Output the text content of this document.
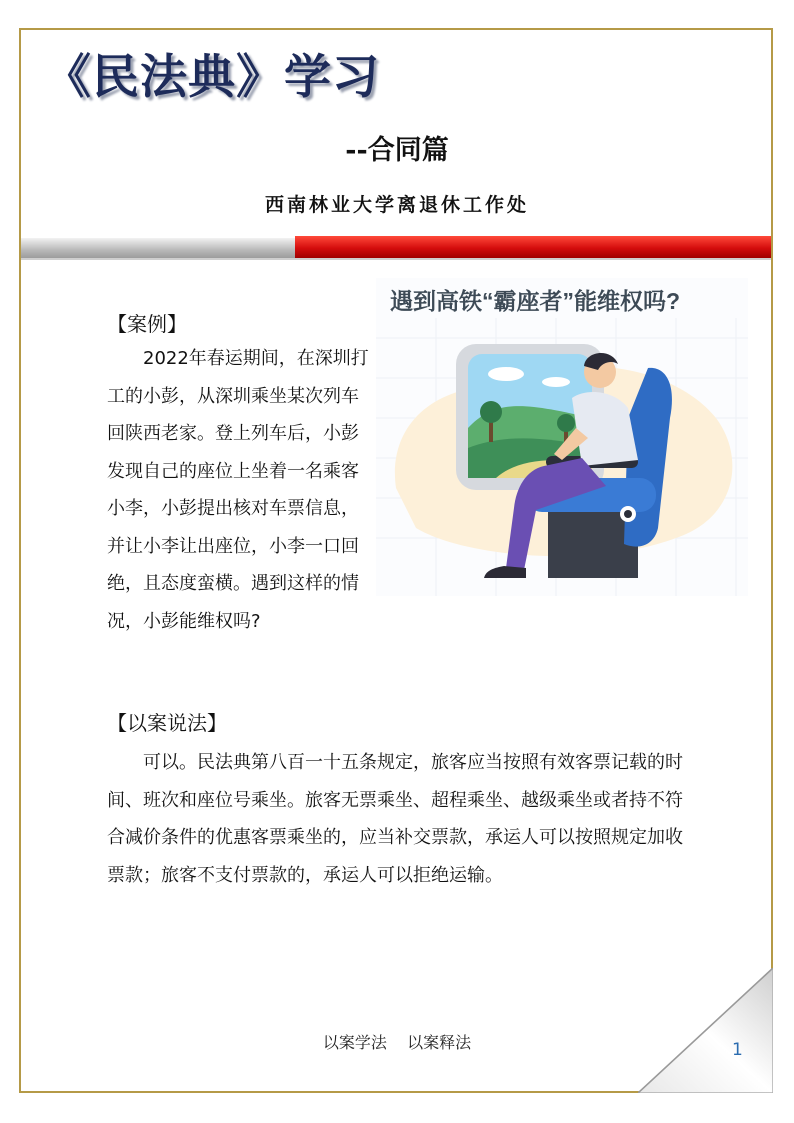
《民法典》学习
--合同篇
西南林业大学离退休工作处
【案例】

2022年春运期间，在深圳打工的小彭，从深圳乘坐某次列车回陕西老家。登上列车后，小彭发现自己的座位上坐着一名乘客小李，小彭提出核对车票信息，并让小李让出座位，小李一口回绝，且态度蛮横。遇到这样的情况，小彭能维权吗?

遇到高铁“霸座者”能维权吗?
【以案说法】

可以。民法典第八百一十五条规定，旅客应当按照有效客票记载的时间、班次和座位号乘坐。旅客无票乘坐、超程乘坐、越级乘坐或者持不符合减价条件的优惠客票乘坐的，应当补交票款，承运人可以按照规定加收票款；旅客不支付票款的，承运人可以拒绝运输。

以案学法    以案释法	1
